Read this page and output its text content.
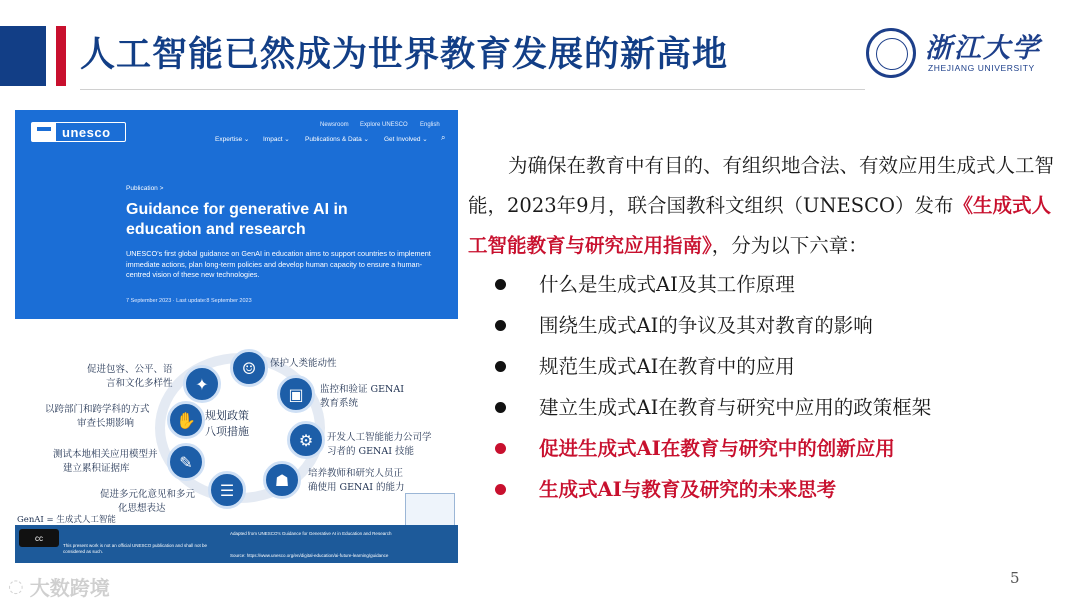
人工智能已然成为世界教育发展的新高地	浙江大学
ZHEJIANG UNIVERSITY
unesco	Newsroom Explore UNESCO English
Expertise ⌄ Impact ⌄ Publications & Data ⌄ Get Involved ⌄ ⌕
Publication >
Guidance for generative AI in education and research
UNESCO's first global guidance on GenAI in education aims to support countries to implement immediate actions, plan long-term policies and develop human capacity to ensure a human-centred vision of these new technologies.
7 September 2023 · Last update:8 September 2023
规划政策
八项措施
✦
☺
▣
✋
⚙
✎
☗
☰
促进包容、公平、语
言和文化多样性
保护人类能动性
监控和验证 GENAI
教育系统
以跨部门和跨学科的方式
审查长期影响
开发人工智能能力公司学
习者的 GENAI 技能
测试本地相关应用模型并
建立累积证据库	培养教师和研究人员正
确使用 GENAI 的能力
促进多元化意见和多元
化思想表达
GenAI = 生成式人工智能
cc
This present work is not an official UNESCO publication and shall not be considered as such.
Adapted from UNESCO's Guidance for Generative AI in Education and Research
Source: https://www.unesco.org/en/digital-education/ai-future-learning/guidance

为确保在教育中有目的、有组织地合法、有效应用生成式人工智能，2023年9月，联合国教科文组织（UNESCO）发布《生成式人工智能教育与研究应用指南》，分为以下六章：

什么是生成式AI及其工作原理
围绕生成式AI的争议及其对教育的影响
规范生成式AI在教育中的应用
建立生成式AI在教育与研究中应用的政策框架
促进生成式AI在教育与研究中的创新应用
生成式AI与教育及研究的未来思考
5
◌ 大数跨境
